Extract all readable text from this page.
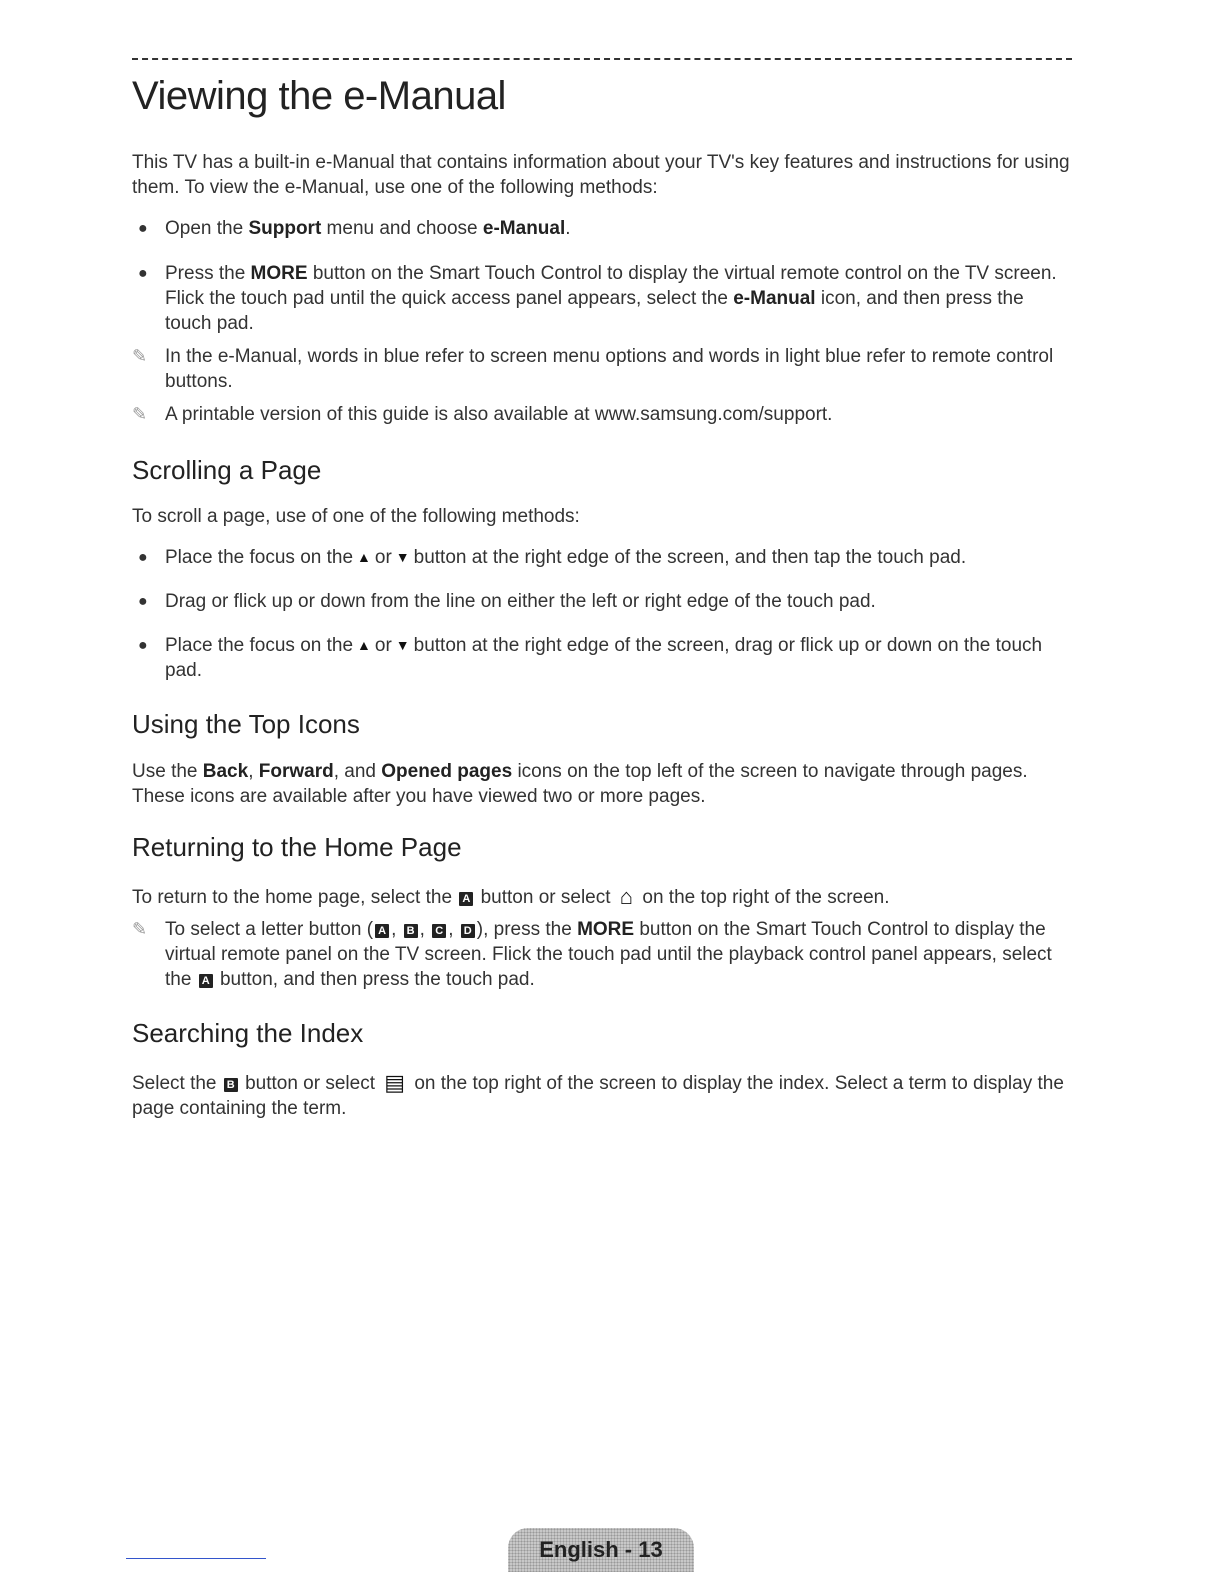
Viewing the e-Manual

This TV has a built-in e-Manual that contains information about your TV's key features and instructions for using them. To view the e-Manual, use one of the following methods:

● Open the Support menu and choose e-Manual.
● Press the MORE button on the Smart Touch Control to display the virtual remote control on the TV screen. Flick the touch pad until the quick access panel appears, select the e-Manual icon, and then press the touch pad.
✎ In the e-Manual, words in blue refer to screen menu options and words in light blue refer to remote control buttons.
✎ A printable version of this guide is also available at www.samsung.com/support.
Scrolling a Page

To scroll a page, use of one of the following methods:

● Place the focus on the ▲ or ▼ button at the right edge of the screen, and then tap the touch pad.
● Drag or flick up or down from the line on either the left or right edge of the touch pad.
● Place the focus on the ▲ or ▼ button at the right edge of the screen, drag or flick up or down on the touch pad.
Using the Top Icons

Use the Back, Forward, and Opened pages icons on the top left of the screen to navigate through pages. These icons are available after you have viewed two or more pages.

Returning to the Home Page

To return to the home page, select the A button or select ⌂ on the top right of the screen.

✎ To select a letter button ( A , B , C , D ), press the MORE button on the Smart Touch Control to display the virtual remote panel on the TV screen. Flick the touch pad until the playback control panel appears, select the A button, and then press the touch pad.
Searching the Index

Select the B button or select ▤ on the top right of the screen to display the index. Select a term to display the page containing the term.

English - 13
